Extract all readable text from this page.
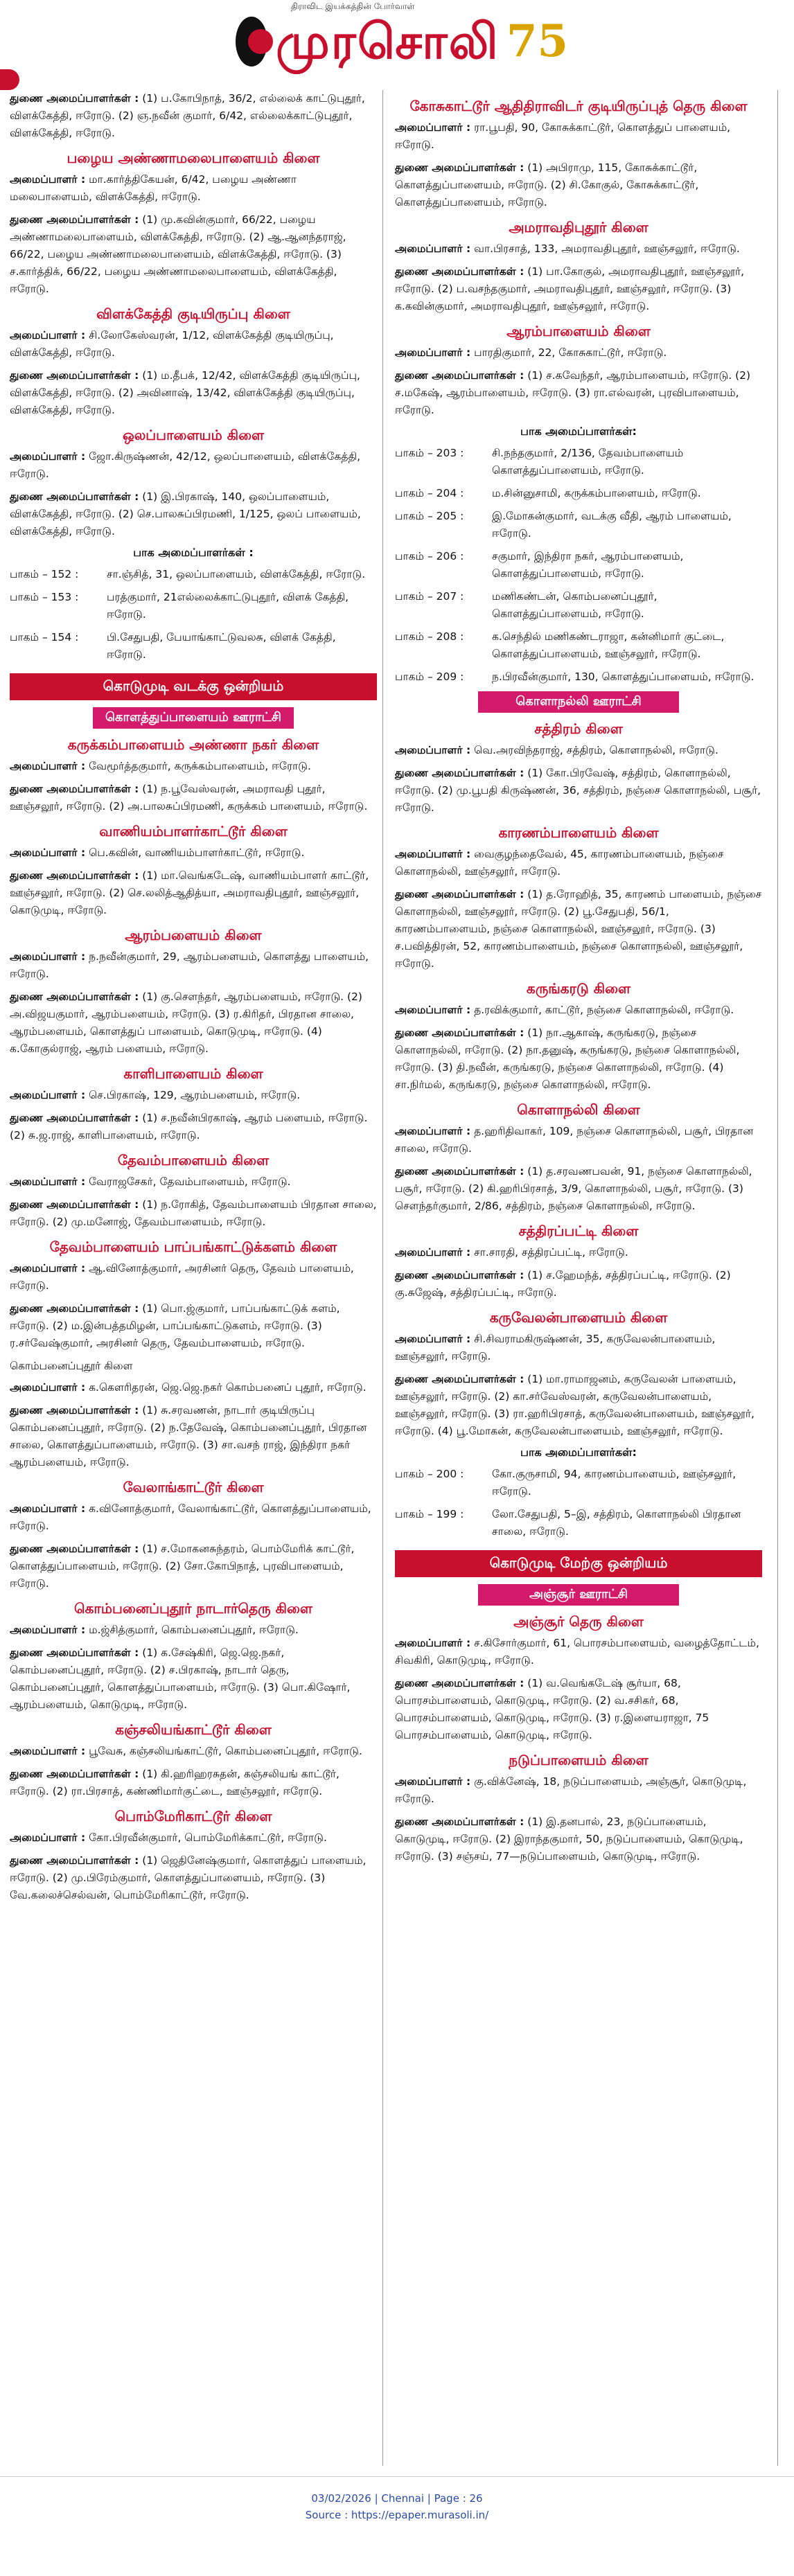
திராவிட இயக்கத்தின் போர்வாள்
முரசொலி 75

துணை அமைப்பாளர்கள் : (1) ப.கோபிநாத், 36/2, எல்லைக் காட்டுபுதூர், விளக்கேத்தி, ஈரோடு. (2) ஞ.நவீன் குமார், 6/42, எல்லைக்காட்டுபுதூர், விளக்கேத்தி, ஈரோடு.

பழைய அண்ணாமலைபாளையம் கிளை

அமைப்பாளர் : மா.கார்த்திகேயன், 6/42, பழைய அண்ணா மலைபாளையம், விளக்கேத்தி, ஈரோடு.

துணை அமைப்பாளர்கள் : (1) மு.கவின்குமார், 66/22, பழைய அண்ணாமலைபாளையம், விளக்கேத்தி, ஈரோடு. (2) ஆ.ஆனந்தராஜ், 66/22, பழைய அண்ணாமலைபாளையம், விளக்கேத்தி, ஈரோடு. (3) ச.கார்த்திக், 66/22, பழைய அண்ணாமலைபாளையம், விளக்கேத்தி, ஈரோடு.

விளக்கேத்தி குடியிருப்பு கிளை

அமைப்பாளர் : சி.லோகேஸ்வரன், 1/12, விளக்கேத்தி குடியிருப்பு, விளக்கேத்தி, ஈரோடு.

துணை அமைப்பாளர்கள் : (1) ம.தீபக், 12/42, விளக்கேத்தி குடியிருப்பு, விளக்கேத்தி, ஈரோடு. (2) அவினாஷ், 13/42, விளக்கேத்தி குடியிருப்பு, விளக்கேத்தி, ஈரோடு.

ஒலப்பாளையம் கிளை

அமைப்பாளர் : ஜோ.கிருஷ்ணன், 42/12, ஒலப்பாளையம், விளக்கேத்தி, ஈரோடு.

துணை அமைப்பாளர்கள் : (1) இ.பிரகாஷ், 140, ஒலப்பாளையம், விளக்கேத்தி, ஈரோடு. (2) செ.பாலசுப்பிரமணி, 1/125, ஒலப் பாளையம், விளக்கேத்தி, ஈரோடு.

பாக அமைப்பாளர்கள் :
பாகம் – 152 :	சா.ஞ்சித், 31, ஒலப்பாளையம், விளக்கேத்தி, ஈரோடு.
பாகம் – 153 :	பரத்குமார், 21எல்லைக்காட்டுபுதூர், விளக் கேத்தி, ஈரோடு.
பாகம் – 154 :	பி.சேதுபதி, பேயாங்காட்டுவலசு, விளக் கேத்தி, ஈரோடு.
கொடுமுடி வடக்கு ஒன்றியம்
கொளத்துப்பாளையம் ஊராட்சி
கருக்கம்பாளையம் அண்ணா நகர் கிளை

அமைப்பாளர் : வேமூர்த்தகுமார், கருக்கம்பாளையம், ஈரோடு.

துணை அமைப்பாளர்கள் : (1) ந.பூவேஸ்வரன், அமராவதி புதூர், ஊஞ்சலூர், ஈரோடு. (2) அ.பாலசுப்பிரமணி, கருக்கம் பாளையம், ஈரோடு.

வாணியம்பாளர்காட்டூர் கிளை

அமைப்பாளர் : பெ.கவின், வாணியம்பாளர்காட்டூர், ஈரோடு.

துணை அமைப்பாளர்கள் : (1) மா.வெங்கடேஷ், வாணியம்பாளர் காட்டூர், ஊஞ்சலூர், ஈரோடு. (2) செ.லலித்ஆதித்யா, அமராவதிபுதூர், ஊஞ்சலூர், கொடுமுடி, ஈரோடு.

ஆரம்பளையம் கிளை

அமைப்பாளர் : ந.நவீன்குமார், 29, ஆரம்பளையம், கொளத்து பாளையம், ஈரோடு.

துணை அமைப்பாளர்கள் : (1) கு.சௌந்தர், ஆரம்பளையம், ஈரோடு. (2) அ.விஜயகுமார், ஆரம்பளையம், ஈரோடு. (3) ர.கிரிதர், பிரதான சாலை, ஆரம்பளையம், கொளத்துப் பாளையம், கொடுமுடி, ஈரோடு. (4) க.கோகுல்ராஜ், ஆரம் பளையம், ஈரோடு.

காளிபாளையம் கிளை

அமைப்பாளர் : செ.பிரகாஷ், 129, ஆரம்பளையம், ஈரோடு.

துணை அமைப்பாளர்கள் : (1) ச.நவீன்பிரகாஷ், ஆரம் பளையம், ஈரோடு. (2) சு.ஜ.ராஜ், காளிபாளையம், ஈரோடு.

தேவம்பாளையம் கிளை

அமைப்பாளர் : வேராஜசேகர், தேவம்பாளையம், ஈரோடு.

துணை அமைப்பாளர்கள் : (1) ந.ரோகித், தேவம்பாளையம் பிரதான சாலை, ஈரோடு. (2) மு.மனோஜ், தேவம்பாளையம், ஈரோடு.

தேவம்பாளையம் பாப்பங்காட்டுக்களம் கிளை

அமைப்பாளர் : ஆ.வினோத்குமார், அரசினர் தெரு, தேவம் பாளையம், ஈரோடு.

துணை அமைப்பாளர்கள் : (1) பொ.ஜ்குமார், பாப்பங்காட்டுக் களம், ஈரோடு. (2) ம.இன்பத்தமிழன், பாப்பங்காட்டுகளம், ஈரோடு. (3) ர.சர்வேஷ்குமார், அரசினர் தெரு, தேவம்பாளையம், ஈரோடு.

கொம்பனைப்புதூர் கிளை

அமைப்பாளர் : க.கௌரிதரன், ஜெ.ஜெ.நகர் கொம்பனைப் புதூர், ஈரோடு.

துணை அமைப்பாளர்கள் : (1) சு.சரவணன், நாடார் குடியிருப்பு கொம்பனைப்புதூர், ஈரோடு. (2) ந.தேவேஷ், கொம்பனைப்புதூர், பிரதான சாலை, கொளத்துப்பாளையம், ஈரோடு. (3) சா.வசந் ராஜ், இந்திரா நகர் ஆரம்பளையம், ஈரோடு.

வேலாங்காட்டூர் கிளை

அமைப்பாளர் : க.வினோத்குமார், வேலாங்காட்டூர், கொளத்துப்பாளையம், ஈரோடு.

துணை அமைப்பாளர்கள் : (1) ச.மோகனசுந்தரம், பொம்மேரிக் காட்டூர், கொளத்துப்பாளையம், ஈரோடு. (2) சோ.கோபிநாத், புரவிபாளையம், ஈரோடு.

கொம்பனைப்புதூர் நாடார்தெரு கிளை

அமைப்பாளர் : ம.ஜ்சித்குமார், கொம்பனைப்புதூர், ஈரோடு.

துணை அமைப்பாளர்கள் : (1) க.சேஷ்கிரி, ஜெ.ஜெ.நகர், கொம்பனைப்புதூர், ஈரோடு. (2) ச.பிரகாஷ், நாடார் தெரு, கொம்பனைப்புதூர், கொளத்துப்பாளையம், ஈரோடு. (3) பொ.கிஷோர், ஆரம்பளையம், கொடுமுடி, ஈரோடு.

கஞ்சலியங்காட்டூர் கிளை

அமைப்பாளர் : பூவேசு, கஞ்சலியங்காட்டூர், கொம்பனைப்புதூர், ஈரோடு.

துணை அமைப்பாளர்கள் : (1) கி.ஹரிஹரசுதன், கஞ்சலியங் காட்டூர், ஈரோடு. (2) ரா.பிரசாத், கண்ணிமார்குட்டை, ஊஞ்சலூர், ஈரோடு.

பொம்மேரிகாட்டூர் கிளை

அமைப்பாளர் : கோ.பிரவீன்குமார், பொம்மேரிக்காட்டூர், ஈரோடு.

துணை அமைப்பாளர்கள் : (1) ஜெதினேஷ்குமார், கொளத்துப் பாளையம், ஈரோடு. (2) மு.பிரேம்குமார், கொளத்துப்பாளையம், ஈரோடு. (3) வே.கலைச்செல்வன், பொம்மேரிகாட்டூர், ஈரோடு.

கோசுகாட்டூர் ஆதிதிராவிடர் குடியிருப்புத் தெரு கிளை

அமைப்பாளர் : ரா.பூபதி, 90, கோசுக்காட்டூர், கொளத்துப் பாளையம், ஈரோடு.

துணை அமைப்பாளர்கள் : (1) அபிராமு, 115, கோசுக்காட்டூர், கொளத்துப்பாளையம், ஈரோடு. (2) சி.கோகுல், கோசுக்காட்டூர், கொளத்துப்பாளையம், ஈரோடு.

அமராவதிபுதூர் கிளை

அமைப்பாளர் : வா.பிரசாத், 133, அமராவதிபுதூர், ஊஞ்சலூர், ஈரோடு.

துணை அமைப்பாளர்கள் : (1) பா.கோகுல், அமராவதிபுதூர், ஊஞ்சலூர், ஈரோடு. (2) ப.வசந்தகுமார், அமராவதிபுதூர், ஊஞ்சலூர், ஈரோடு. (3) க.கவின்குமார், அமராவதிபுதூர், ஊஞ்சலூர், ஈரோடு.

ஆரம்பாளையம் கிளை

அமைப்பாளர் : பாரதிகுமார், 22, கோசுகாட்டூர், ஈரோடு.

துணை அமைப்பாளர்கள் : (1) ச.கவேந்தர், ஆரம்பாளையம், ஈரோடு. (2) ச.மகேஷ், ஆரம்பாளையம், ஈரோடு. (3) ரா.எல்வரன், புரவிபாளையம், ஈரோடு.

பாக அமைப்பாளர்கள்:
பாகம் – 203 :	சி.நந்தகுமார், 2/136, தேவம்பாளையம் கொளத்துப்பாளையம், ஈரோடு.
பாகம் – 204 :	ம.சின்னுசாமி, கருக்கம்பாளையம், ஈரோடு.
பாகம் – 205 :	இ.மோகன்குமார், வடக்கு வீதி, ஆரம் பாளையம், ஈரோடு.
பாகம் – 206 :	சகுமார், இந்திரா நகர், ஆரம்பாளையம், கொளத்துப்பாளையம், ஈரோடு.
பாகம் – 207 :	மணிகண்டன், கொம்பனைப்புதூர், கொளத்துப்பாளையம், ஈரோடு.
பாகம் – 208 :	க.செந்தில் மணிகண்டராஜா, கன்னிமார் குட்டை, கொளத்துப்பாளையம், ஊஞ்சலூர், ஈரோடு.
பாகம் – 209 :	ந.பிரவீன்குமார், 130, கொளத்துப்பாளையம், ஈரோடு.
கொளாநல்லி ஊராட்சி
சத்திரம் கிளை

அமைப்பாளர் : வெ.அரவிந்தராஜ், சத்திரம், கொளாநல்லி, ஈரோடு.

துணை அமைப்பாளர்கள் : (1) கோ.பிரவேஷ், சத்திரம், கொளாநல்லி, ஈரோடு. (2) மு.பூபதி கிருஷ்ணன், 36, சத்திரம், நஞ்சை கொளாநல்லி, பசூர், ஈரோடு.

காரணம்பாளையம் கிளை

அமைப்பாளர் : வைகுழந்தைவேல், 45, காரணம்பாளையம், நஞ்சை கொளாநல்லி, ஊஞ்சலூர், ஈரோடு.

துணை அமைப்பாளர்கள் : (1) த.ரோஹித், 35, காரணம் பாளையம், நஞ்சை கொளாநல்லி, ஊஞ்சலூர், ஈரோடு. (2) பூ.சேதுபதி, 56/1, காரணம்பாளையம், நஞ்சை கொளாநல்லி, ஊஞ்சலூர், ஈரோடு. (3) ச.பவித்திரன், 52, காரணம்பாளையம், நஞ்சை கொளாநல்லி, ஊஞ்சலூர், ஈரோடு.

கருங்கரடு கிளை

அமைப்பாளர் : த.ரவிக்குமார், காட்டூர், நஞ்சை கொளாநல்லி, ஈரோடு.

துணை அமைப்பாளர்கள் : (1) நா.ஆகாஷ், கருங்கரடு, நஞ்சை கொளாநல்லி, ஈரோடு. (2) நா.தனுஷ், கருங்கரடு, நஞ்சை கொளாநல்லி, ஈரோடு. (3) தி.நவீன், கருங்கரடு, நஞ்சை கொளாநல்லி, ஈரோடு. (4) சா.நிர்மல், கருங்கரடு, நஞ்சை கொளாநல்லி, ஈரோடு.

கொளாநல்லி கிளை

அமைப்பாளர் : த.ஹரிதிவாகர், 109, நஞ்சை கொளாநல்லி, பசூர், பிரதான சாலை, ஈரோடு.

துணை அமைப்பாளர்கள் : (1) த.சரவணபவன், 91, நஞ்சை கொளாநல்லி, பசூர், ஈரோடு. (2) கி.ஹரிபிரசாத், 3/9, கொளாநல்லி, பசூர், ஈரோடு. (3) சௌந்தர்குமார், 2/86, சத்திரம், நஞ்சை கொளாநல்லி, ஈரோடு.

சத்திரப்பட்டி கிளை

அமைப்பாளர் : சா.சாரதி, சத்திரப்பட்டி, ஈரோடு.

துணை அமைப்பாளர்கள் : (1) ச.ஹேமந்த், சத்திரப்பட்டி, ஈரோடு. (2) கு.சுஜேஷ், சத்திரப்பட்டி, ஈரோடு.

கருவேலன்பாளையம் கிளை

அமைப்பாளர் : சி.சிவராமகிருஷ்ணன், 35, கருவேலன்பாளையம், ஊஞ்சலூர், ஈரோடு.

துணை அமைப்பாளர்கள் : (1) மா.ராமாஜனம், கருவேலன் பாளையம், ஊஞ்சலூர், ஈரோடு. (2) கா.சர்வேஸ்வரன், கருவேலன்பாளையம், ஊஞ்சலூர், ஈரோடு. (3) ரா.ஹரிபிரசாத், கருவேலன்பாளையம், ஊஞ்சலூர், ஈரோடு. (4) பூ.மோகன், கருவேலன்பாளையம், ஊஞ்சலூர், ஈரோடு.

பாக அமைப்பாளர்கள்:
பாகம் – 200 :	கோ.குருசாமி, 94, காரணம்பாளையம், ஊஞ்சலூர், ஈரோடு.
பாகம் – 199 :	லோ.சேதுபதி, 5–இ, சத்திரம், கொளாநல்லி பிரதான சாலை, ஈரோடு.
கொடுமுடி மேற்கு ஒன்றியம்
அஞ்சூர் ஊராட்சி
அஞ்சூர் தெரு கிளை

அமைப்பாளர் : ச.கிசோர்குமார், 61, பொரசம்பாளையம், வழைத்தோட்டம், சிவகிரி, கொடுமுடி, ஈரோடு.

துணை அமைப்பாளர்கள் : (1) வ.வெங்கடேஷ் சூர்யா, 68, பொரசம்பாளையம், கொடுமுடி, ஈரோடு. (2) வ.சசிகர், 68, பொரசம்பாளையம், கொடுமுடி, ஈரோடு. (3) ர.இளையராஜா, 75 பொரசம்பாளையம், கொடுமுடி, ஈரோடு.

நடுப்பாளையம் கிளை

அமைப்பாளர் : கு.விக்னேஷ், 18, நடுப்பாளையம், அஞ்சூர், கொடுமுடி, ஈரோடு.

துணை அமைப்பாளர்கள் : (1) இ.தனபால், 23, நடுப்பாளையம், கொடுமுடி, ஈரோடு. (2) இராந்தகுமார், 50, நடுப்பாளையம், கொடுமுடி, ஈரோடு. (3) சஞ்சய், 77—நடுப்பாளையம், கொடுமுடி, ஈரோடு.

03/02/2026 | Chennai | Page : 26
Source : https://epaper.murasoli.in/
